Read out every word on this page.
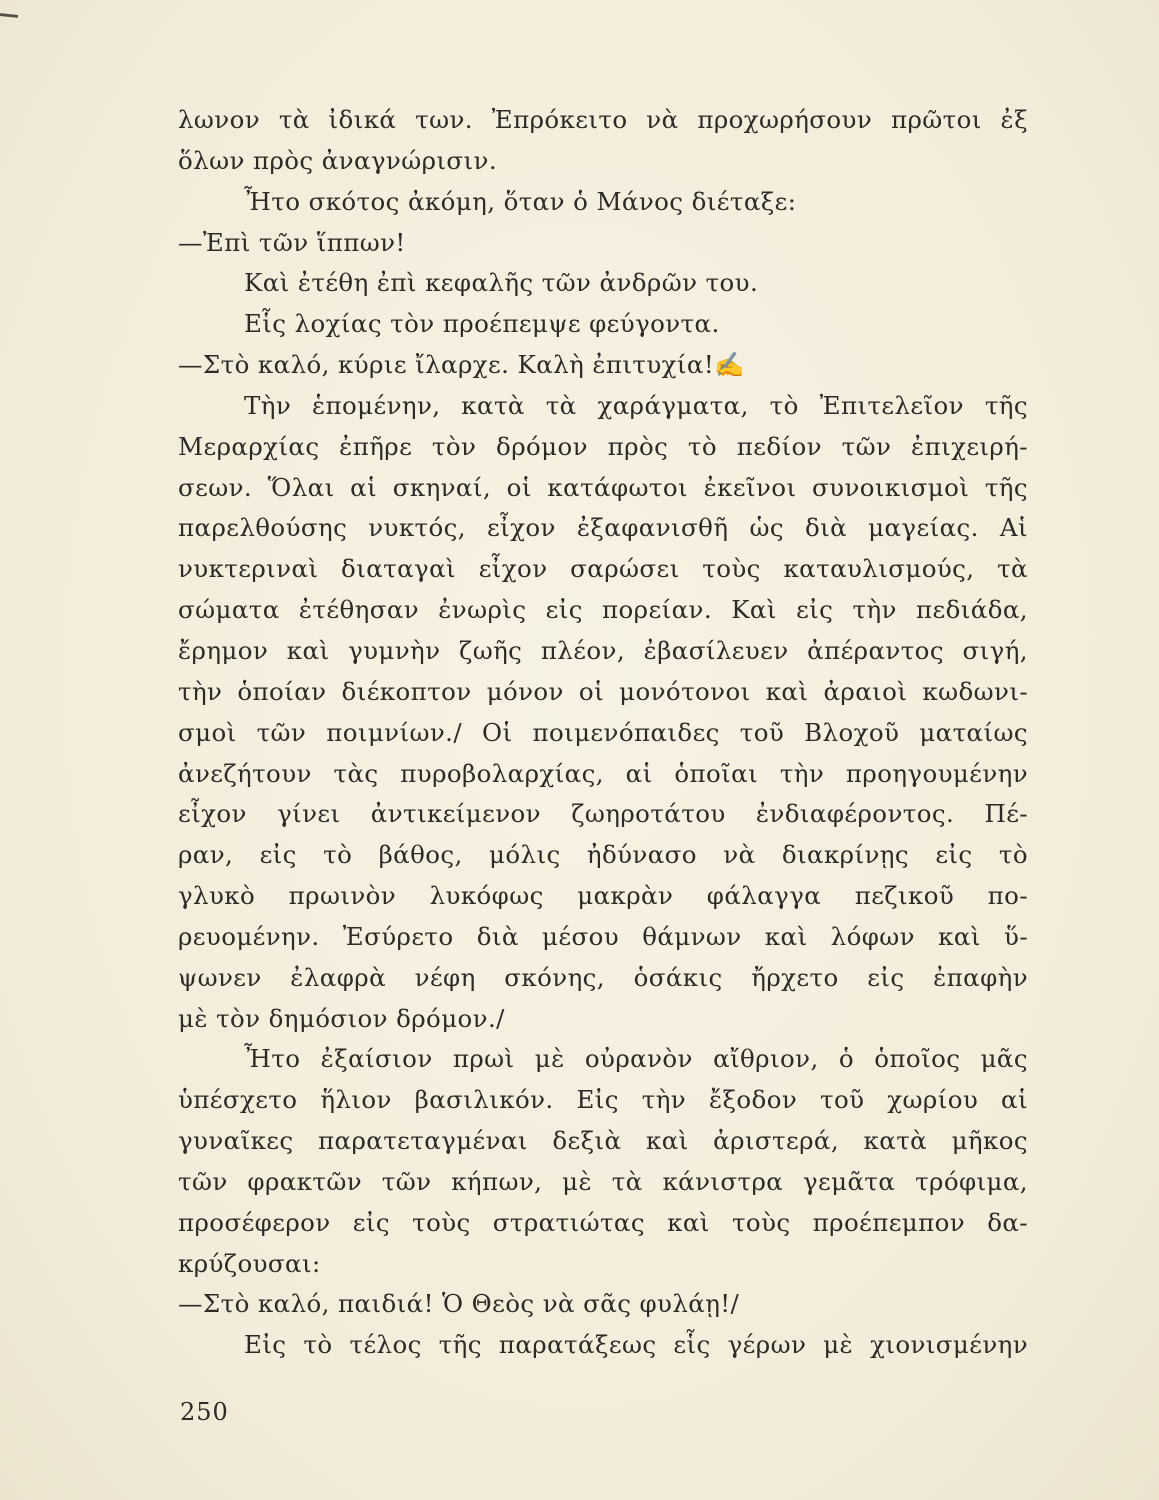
λωνον τὰ ἰδικά των. Ἐπρόκειτο νὰ προχωρήσουν πρῶτοι ἐξ
ὅλων πρὸς ἀναγνώρισιν.
Ἦτο σκότος ἀκόμη, ὅταν ὁ Μάνος διέταξε:
—Ἐπὶ τῶν ἵππων!
Καὶ ἐτέθη ἐπὶ κεφαλῆς τῶν ἀνδρῶν του.
Εἷς λοχίας τὸν προέπεμψε φεύγοντα.
—Στὸ καλό, κύριε ἴλαρχε. Καλὴ ἐπιτυχία!✍
Τὴν ἑπομένην, κατὰ τὰ χαράγματα, τὸ Ἐπιτελεῖον τῆς
Μεραρχίας ἐπῆρε τὸν δρόμον πρὸς τὸ πεδίον τῶν ἐπιχειρή-
σεων. Ὅλαι αἱ σκηναί, οἱ κατάφωτοι ἐκεῖνοι συνοικισμοὶ τῆς
παρελθούσης νυκτός, εἶχον ἐξαφανισθῆ ὡς διὰ μαγείας. Αἱ
νυκτεριναὶ διαταγαὶ εἶχον σαρώσει τοὺς καταυλισμούς, τὰ
σώματα ἐτέθησαν ἐνωρὶς εἰς πορείαν. Καὶ εἰς τὴν πεδιάδα,
ἔρημον καὶ γυμνὴν ζωῆς πλέον, ἐβασίλευεν ἀπέραντος σιγή,
τὴν ὁποίαν διέκοπτον μόνον οἱ μονότονοι καὶ ἀραιοὶ κωδωνι-
σμοὶ τῶν ποιμνίων./ Οἱ ποιμενόπαιδες τοῦ Βλοχοῦ ματαίως
ἀνεζήτουν τὰς πυροβολαρχίας, αἱ ὁποῖαι τὴν προηγουμένην
εἶχον γίνει ἀντικείμενον ζωηροτάτου ἐνδιαφέροντος. Πέ-
ραν, εἰς τὸ βάθος, μόλις ἠδύνασο νὰ διακρίνῃς εἰς τὸ
γλυκὸ πρωινὸν λυκόφως μακρὰν φάλαγγα πεζικοῦ πο-
ρευομένην. Ἐσύρετο διὰ μέσου θάμνων καὶ λόφων καὶ ὕ-
ψωνεν ἐλαφρὰ νέφη σκόνης, ὁσάκις ἤρχετο εἰς ἐπαφὴν
μὲ τὸν δημόσιον δρόμον./
Ἦτο ἐξαίσιον πρωὶ μὲ οὐρανὸν αἴθριον, ὁ ὁποῖος μᾶς
ὑπέσχετο ἥλιον βασιλικόν. Εἰς τὴν ἔξοδον τοῦ χωρίου αἱ
γυναῖκες παρατεταγμέναι δεξιὰ καὶ ἀριστερά, κατὰ μῆκος
τῶν φρακτῶν τῶν κήπων, μὲ τὰ κάνιστρα γεμᾶτα τρόφιμα,
προσέφερον εἰς τοὺς στρατιώτας καὶ τοὺς προέπεμπον δα-
κρύζουσαι:
—Στὸ καλό, παιδιά! Ὁ Θεὸς νὰ σᾶς φυλάῃ!/
Εἰς τὸ τέλος τῆς παρατάξεως εἷς γέρων μὲ χιονισμένην
250
